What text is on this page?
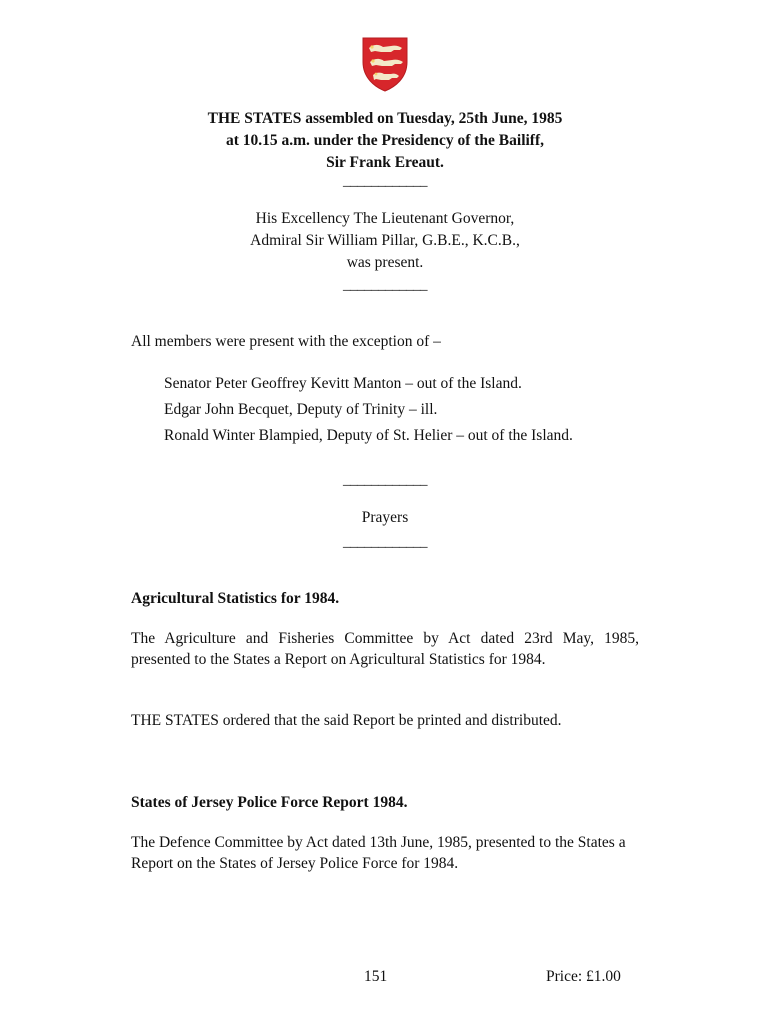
THE STATES assembled on Tuesday, 25th June, 1985
at 10.15 a.m. under the Presidency of the Bailiff,
Sir Frank Ereaut.
____________
His Excellency The Lieutenant Governor,
Admiral Sir William Pillar, G.B.E., K.C.B.,
was present.
____________
All members were present with the exception of –
Senator Peter Geoffrey Kevitt Manton – out of the Island.
Edgar John Becquet, Deputy of Trinity – ill.
Ronald Winter Blampied, Deputy of St. Helier – out of the Island.
____________
Prayers
____________
Agricultural Statistics for 1984.
The Agriculture and Fisheries Committee by Act dated 23rd May, 1985, presented to the States a Report on Agricultural Statistics for 1984.
THE STATES ordered that the said Report be printed and distributed.
States of Jersey Police Force Report 1984.
The Defence Committee by Act dated 13th June, 1985, presented to the States a Report on the States of Jersey Police Force for 1984.
151	Price: £1.00
